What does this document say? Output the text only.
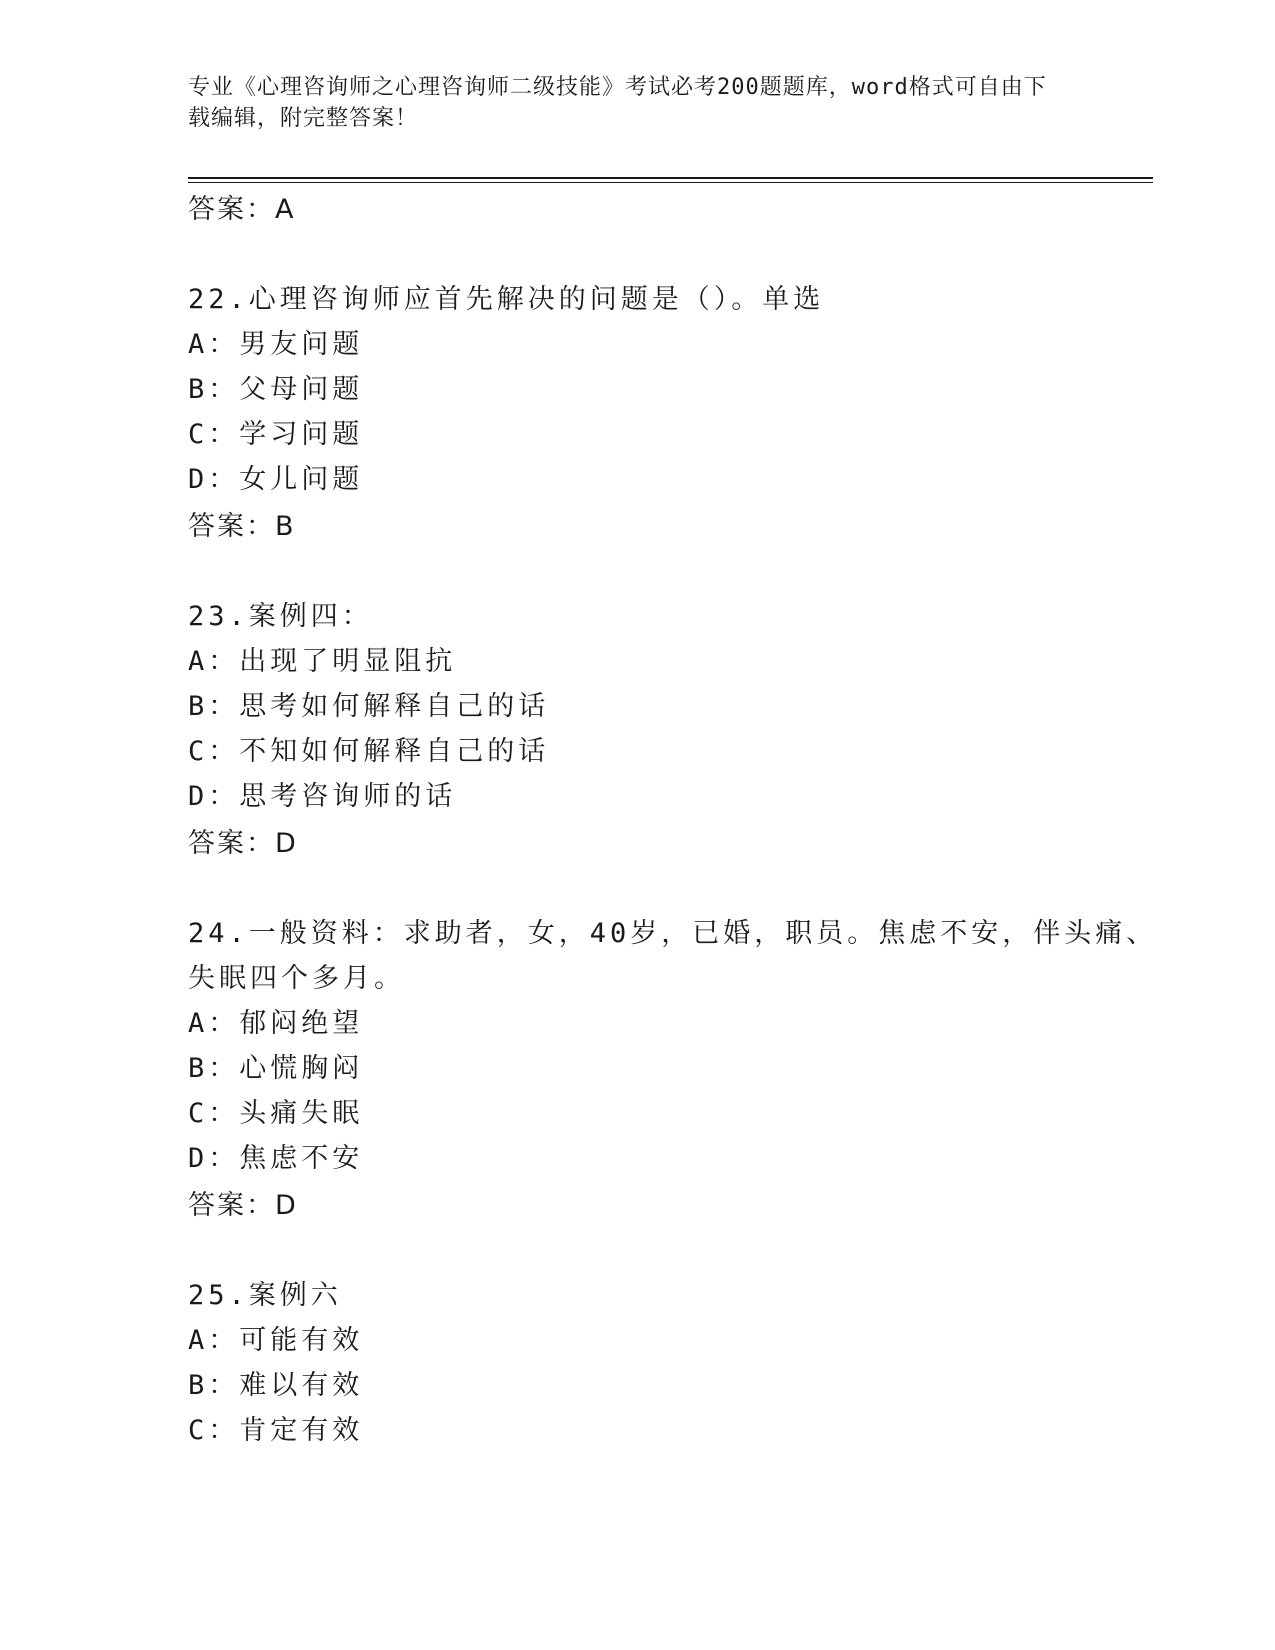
专业《心理咨询师之心理咨询师二级技能》考试必考200题题库，word格式可自由下载编辑，附完整答案！
答案：A
22.心理咨询师应首先解决的问题是（）。单选
A：男友问题
B：父母问题
C：学习问题
D：女儿问题
答案：B
23.案例四：
A：出现了明显阻抗
B：思考如何解释自己的话
C：不知如何解释自己的话
D：思考咨询师的话
答案：D
24.一般资料：求助者，女，40岁，已婚，职员。焦虑不安，伴头痛、
失眠四个多月。
A：郁闷绝望
B：心慌胸闷
C：头痛失眠
D：焦虑不安
答案：D
25.案例六
A：可能有效
B：难以有效
C：肯定有效
